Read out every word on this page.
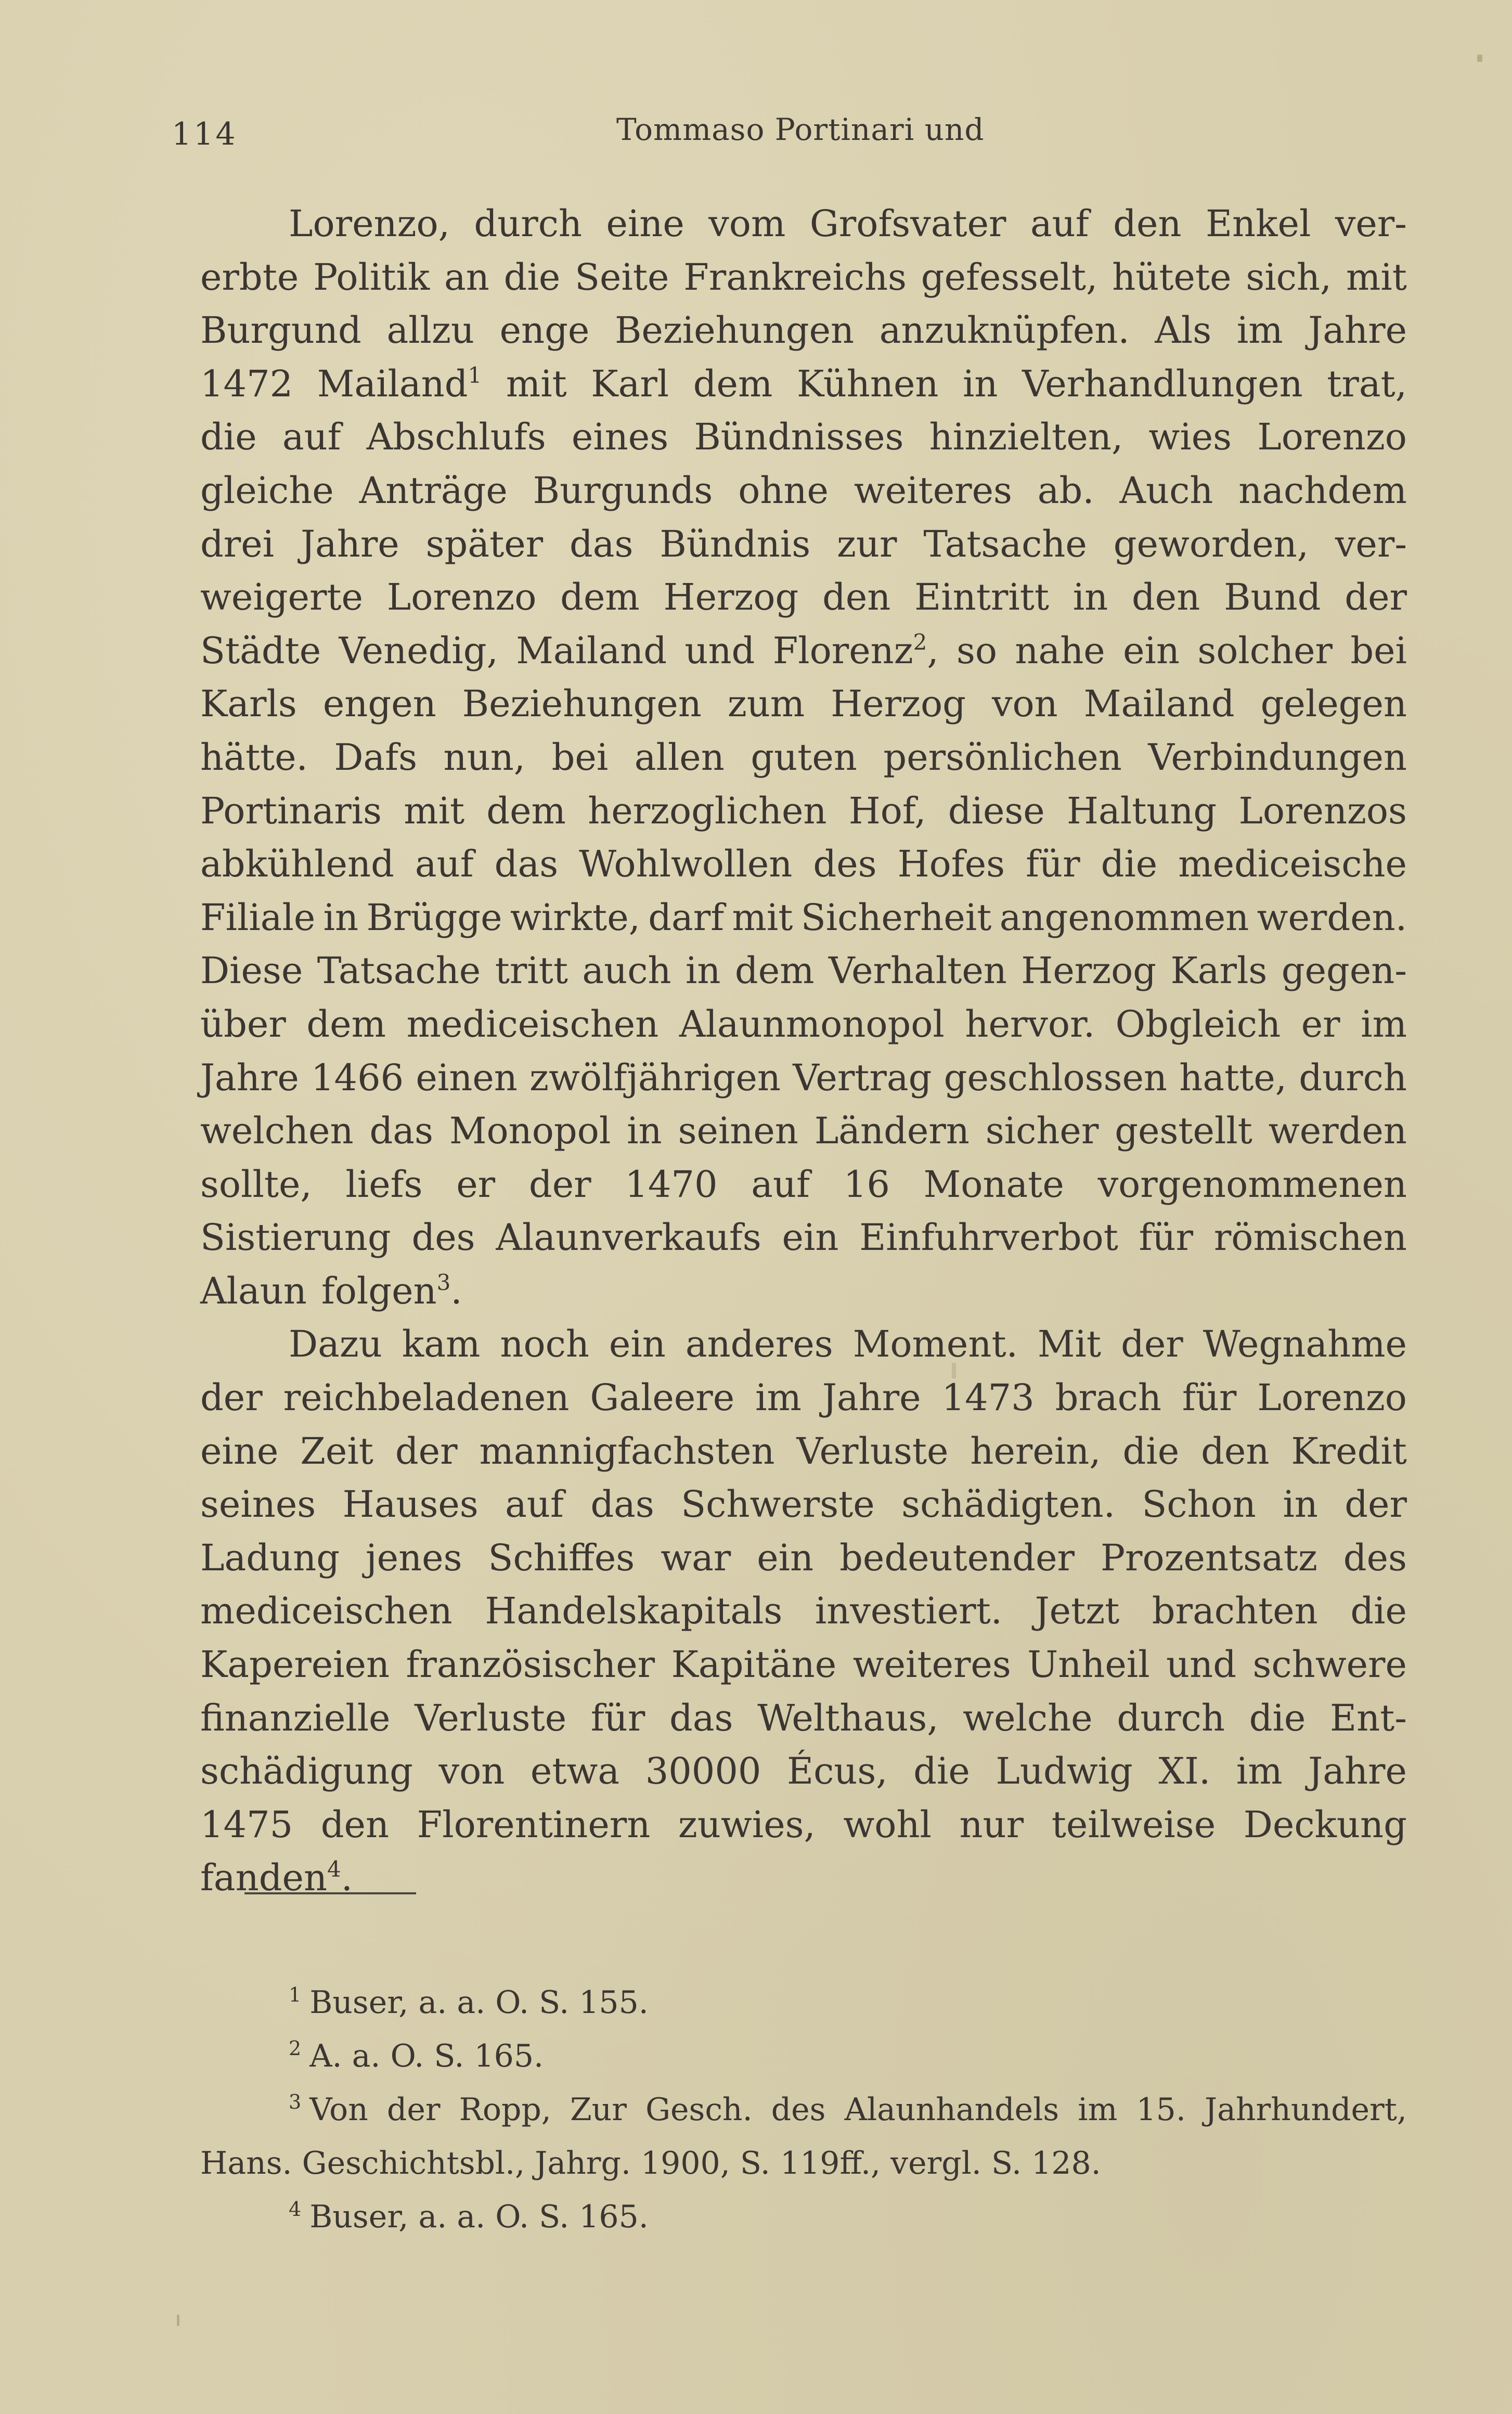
114	Tommaso Portinari und
Lorenzo, durch eine vom Grofsvater auf den Enkel ver-
erbte Politik an die Seite Frankreichs gefesselt, hütete sich, mit
Burgund allzu enge Beziehungen anzuknüpfen. Als im Jahre
1472 Mailand$^1$ mit Karl dem Kühnen in Verhandlungen trat,
die auf Abschlufs eines Bündnisses hinzielten, wies Lorenzo
gleiche Anträge Burgunds ohne weiteres ab. Auch nachdem
drei Jahre später das Bündnis zur Tatsache geworden, ver-
weigerte Lorenzo dem Herzog den Eintritt in den Bund der
Städte Venedig, Mailand und Florenz$^2$, so nahe ein solcher bei
Karls engen Beziehungen zum Herzog von Mailand gelegen
hätte. Dafs nun, bei allen guten persönlichen Verbindungen
Portinaris mit dem herzoglichen Hof, diese Haltung Lorenzos
abkühlend auf das Wohlwollen des Hofes für die mediceische
Filiale in Brügge wirkte, darf mit Sicherheit angenommen werden.
Diese Tatsache tritt auch in dem Verhalten Herzog Karls gegen-
über dem mediceischen Alaunmonopol hervor. Obgleich er im
Jahre 1466 einen zwölfjährigen Vertrag geschlossen hatte, durch
welchen das Monopol in seinen Ländern sicher gestellt werden
sollte, liefs er der 1470 auf 16 Monate vorgenommenen
Sistierung des Alaunverkaufs ein Einfuhrverbot für römischen
Alaun folgen$^3$.
Dazu kam noch ein anderes Moment. Mit der Wegnahme
der reichbeladenen Galeere im Jahre 1473 brach für Lorenzo
eine Zeit der mannigfachsten Verluste herein, die den Kredit
seines Hauses auf das Schwerste schädigten. Schon in der
Ladung jenes Schiffes war ein bedeutender Prozentsatz des
mediceischen Handelskapitals investiert. Jetzt brachten die
Kapereien französischer Kapitäne weiteres Unheil und schwere
finanzielle Verluste für das Welthaus, welche durch die Ent-
schädigung von etwa 30000 Écus, die Ludwig XI. im Jahre
1475 den Florentinern zuwies, wohl nur teilweise Deckung
fanden$^4$.
$^1$ Buser, a. a. O. S. 155.
$^2$ A. a. O. S. 165.
$^3$ Von der Ropp, Zur Gesch. des Alaunhandels im 15. Jahrhundert,
Hans. Geschichtsbl., Jahrg. 1900, S. 119ff., vergl. S. 128.
$^4$ Buser, a. a. O. S. 165.
